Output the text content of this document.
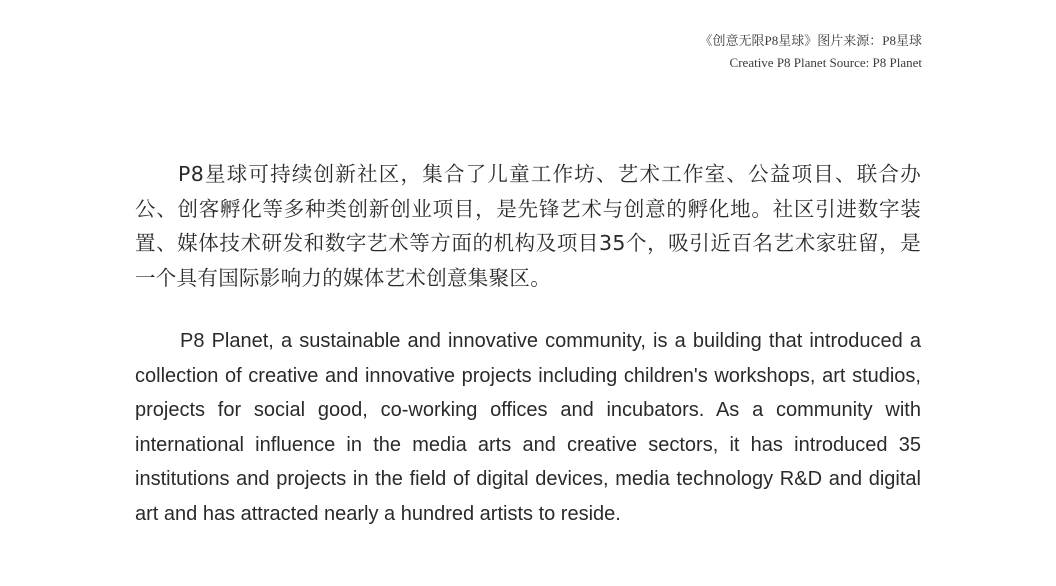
《创意无限P8星球》图片来源：P8星球
Creative P8 Planet Source: P8 Planet

P8星球可持续创新社区，集合了儿童工作坊、艺术工作室、公益项目、联合办公、创客孵化等多种类创新创业项目，是先锋艺术与创意的孵化地。社区引进数字装置、媒体技术研发和数字艺术等方面的机构及项目35个，吸引近百名艺术家驻留，是一个具有国际影响力的媒体艺术创意集聚区。

P8 Planet, a sustainable and innovative community, is a building that introduced a collection of creative and innovative projects including children's workshops, art studios, projects for social good, co-working offices and incubators. As a community with international influence in the media arts and creative sectors, it has introduced 35 institutions and projects in the field of digital devices, media technology R&D and digital art and has attracted nearly a hundred artists to reside.
